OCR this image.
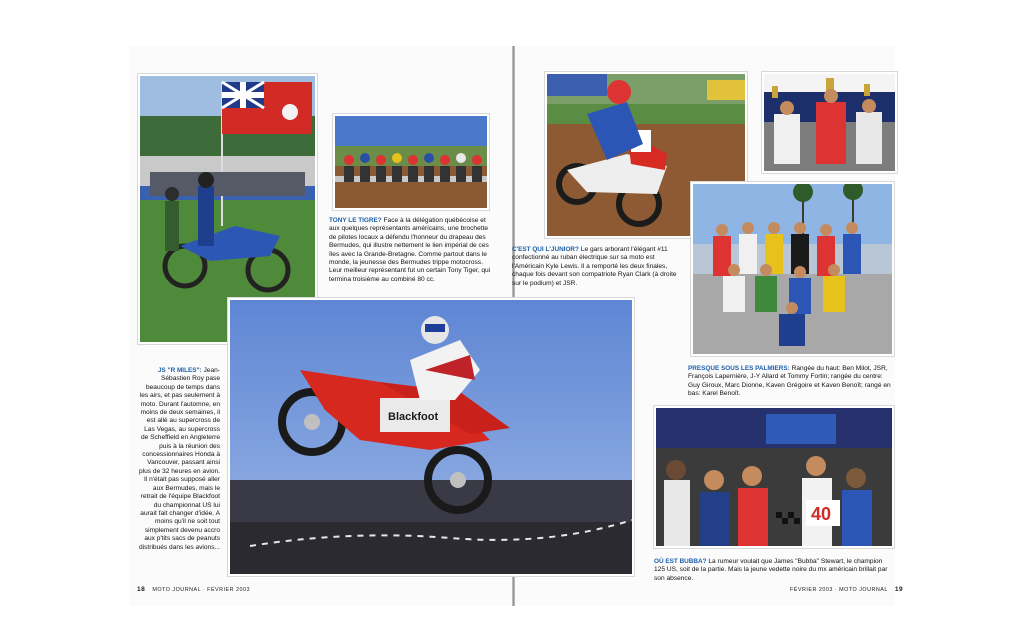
TONY LE TIGRE? Face à la délégation québécoise et aux quelques représentants américains, une brochette de pilotes locaux a défendu l'honneur du drapeau des Bermudes, qui illustre nettement le lien impérial de ces îles avec la Grande-Bretagne. Comme partout dans le monde, la jeunesse des Bermudes trippe motocross. Leur meilleur représentant fut un certain Tony Tiger, qui termina troisième au combiné 80 cc.
Blackfoot
JS "R MILES": Jean-Sébastien Roy pase beaucoup de temps dans les airs, et pas seulement à moto. Durant l'automne, en moins de deux semaines, il est allé au supercross de Las Vegas, au supercross de Scheffield en Angleterre puis à la réunion des concessionnaires Honda à Vancouver, passant ainsi plus de 32 heures en avion. Il n'était pas supposé aller aux Bermudes, mais le retrait de l'équipe Blackfoot du championnat US lui aurait fait changer d'idée. A moins qu'il ne soit tout simplement devenu accro aux p'tits sacs de peanuts distribués dans les avions...
C'EST QUI L'JUNIOR? Le gars arborant l'élégant #11 confectionné au ruban électrique sur sa moto est l'Américain Kyle Lewis. Il a remporté les deux finales, chaque fois devant son compatriote Ryan Clark (à droite sur le podium) et JSR.
PRESQUE SOUS LES PALMIERS: Rangée du haut: Ben Milot, JSR, François Lapernière, J-Y Allard et Tommy Fortin; rangée du centre: Guy Giroux, Marc Dionne, Kaven Grégoire et Kaven Benoît; rangé en bas: Karel Benoît.
40
OÙ EST BUBBA? La rumeur voulait que James "Bubba" Stewart, le champion 125 US, soit de la partie. Mais la jeune vedette noire du mx américain brillait par son absence.
18 MOTO JOURNAL · FÉVRIER 2003	FÉVRIER 2003 · MOTO JOURNAL 19
